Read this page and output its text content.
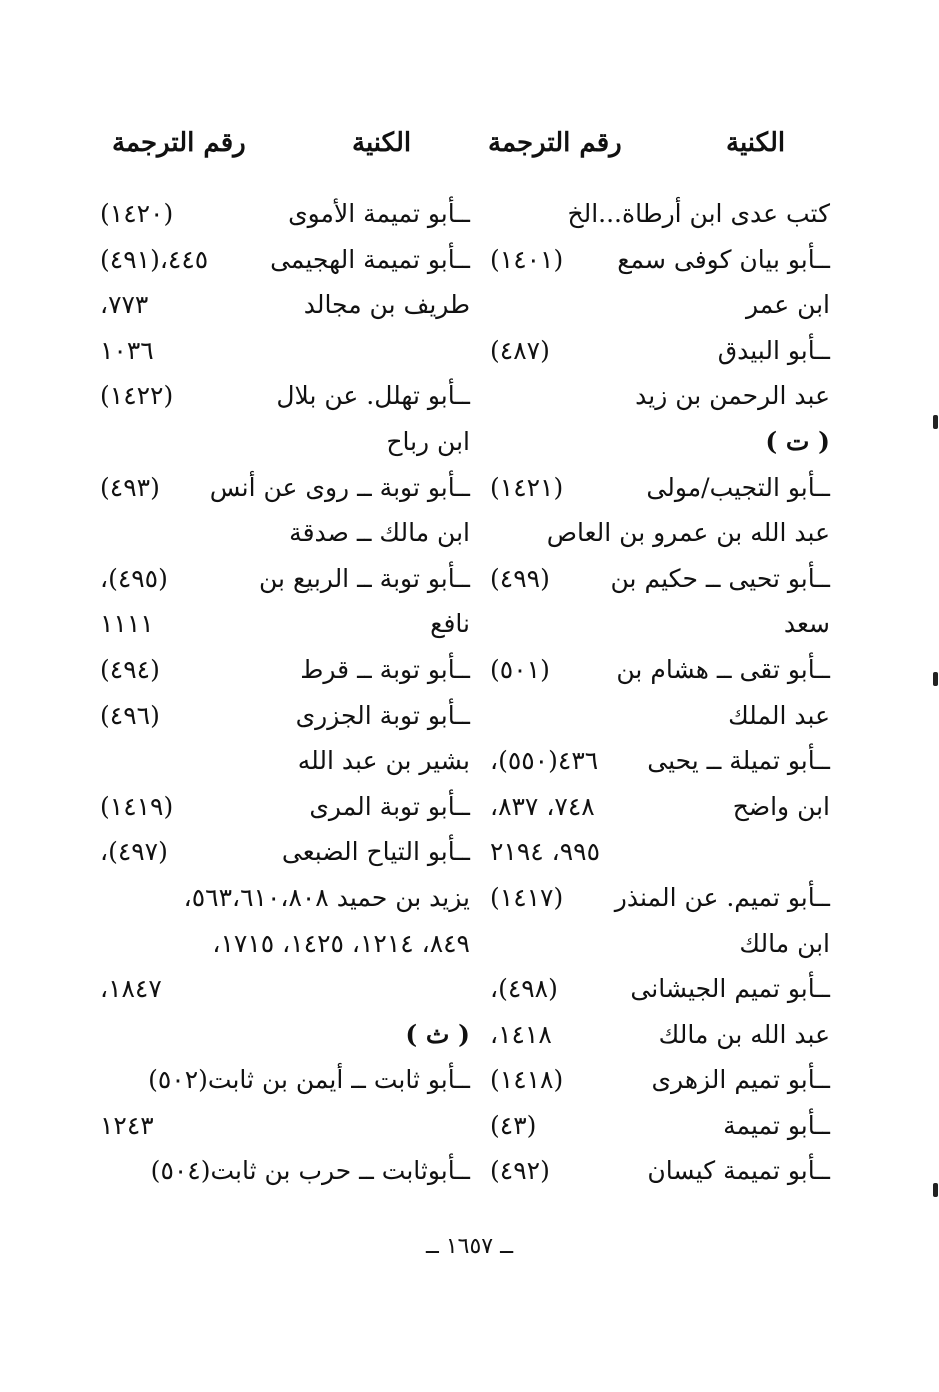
الكنية
رقم الترجمة
الكنية
رقم الترجمة
كتب عدى ابن أرطاة...الخ
ــأبو بيان كوفى سمع
(١٤٠١)
ابن عمر
ــأبو البيدق
(٤٨٧)
عبد الرحمن بن زيد
( ت )
ــأبو التجيب/مولى
(١٤٢١)
عبد الله بن عمرو بن العاص
ــأبو تحيى ــ حكيم بن
(٤٩٩)
سعد
ــأبو تقى ــ هشام بن
(٥٠١)
عبد الملك
ــأبو تميلة ــ يحيى
٤٣٦(٥٥٠)،
ابن واضح
٧٤٨، ٨٣٧،
٩٩٥، ٢١٩٤
ــأبو تميم. عن المنذر
(١٤١٧)
ابن مالك
ــأبو تميم الجيشانى
(٤٩٨)،
عبد الله بن مالك
١٤١٨،
ــأبو تميم الزهرى
(١٤١٨)
ــأبو تميمة
(٤٣)
ــأبو تميمة كيسان
(٤٩٢)
ــأبو تميمة الأموى
(١٤٢٠)
ــأبو تميمة الهجيمى
٤٤٥،(٤٩١)
طريف بن مجالد
٧٧٣،
١٠٣٦
ــأبو تهلل. عن بلال
(١٤٢٢)
ابن رباح
ــأبو توبة ــ روى عن أنس
(٤٩٣)
ابن مالك ــ صدقة
ــأبو توبة ــ الربيع بن
(٤٩٥)،
نافع
١١١١
ــأبو توبة ــ قرط
(٤٩٤)
ــأبو توبة الجزرى
(٤٩٦)
بشير بن عبد الله
ــأبو توبة المرى
(١٤١٩)
ــأبو التياح الضبعى
(٤٩٧)،
يزيد بن حميد ٥٦٣،٦١٠،٨٠٨،
٨٤٩، ١٢١٤، ١٤٢٥، ١٧١٥،
١٨٤٧،
( ث )
ــأبو ثابت ــ أيمن بن ثابت(٥٠٢)
١٢٤٣
ــأبوثابت ــ حرب بن ثابت(٥٠٤)
ــ ١٦٥٧ ــ
